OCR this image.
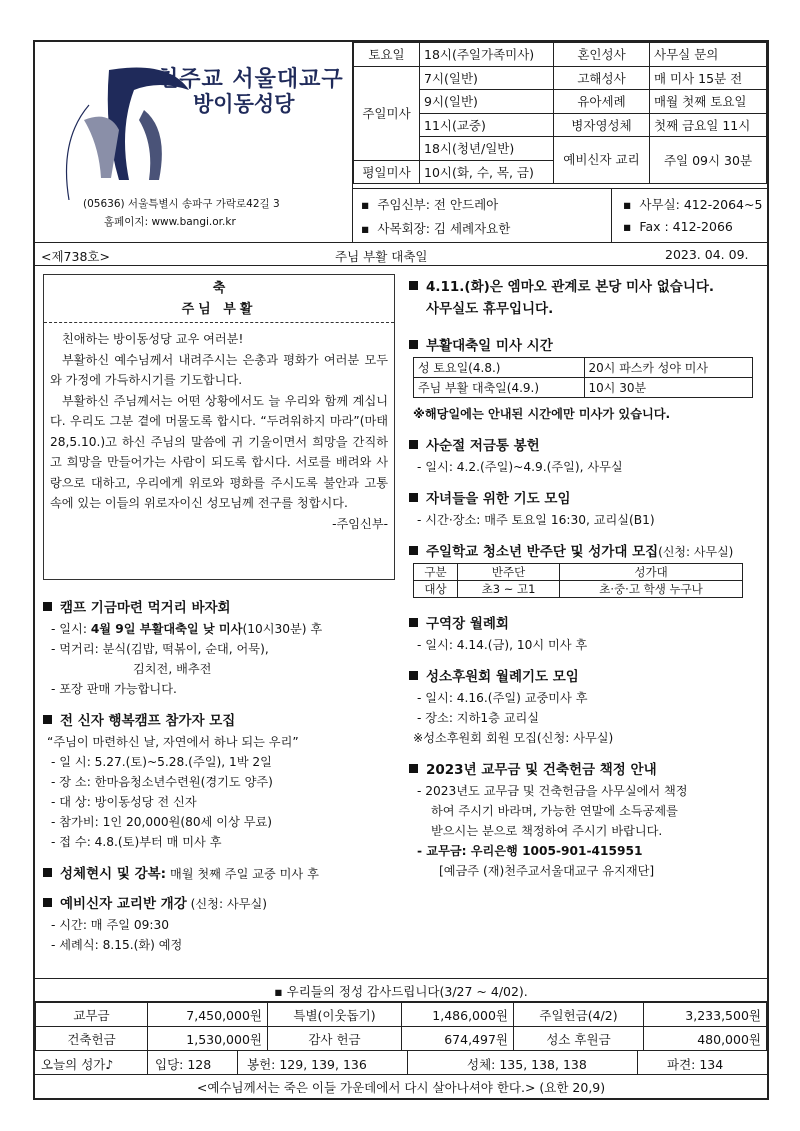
천주교 서울대교구
방이동성당
(05636) 서울특별시 송파구 가락로42길 3
홈페이지: www.bangi.or.kr
토요일	18시(주일가족미사)	혼인성사	사무실 문의
주일미사	7시(일반)	고해성사	매 미사 15분 전
	9시(일반)	유아세례	매월 첫째 토요일
	11시(교중)	병자영성체	첫째 금요일 11시
	18시(청년/일반)	예비신자 교리	주일 09시 30분
평일미사	10시(화, 수, 목, 금)		
▪  주임신부: 전 안드레아
▪  사목회장: 김 세례자요한
▪  사무실: 412-2064~5
▪  Fax : 412-2066
<제738호>	주님 부활 대축일	2023. 04. 09.
축
주님 부활

친애하는 방이동성당 교우 여러분!

부활하신 예수님께서 내려주시는 은총과 평화가 여러분 모두와 가정에 가득하시기를 기도합니다.

부활하신 주님께서는 어떤 상황에서도 늘 우리와 함께 계십니다. 우리도 그분 곁에 머물도록 합시다. “두려워하지 마라”(마태 28,5.10.)고 하신 주님의 말씀에 귀 기울이면서 희망을 간직하고 희망을 만들어가는 사람이 되도록 합시다. 서로를 배려와 사랑으로 대하고, 우리에게 위로와 평화를 주시도록 불안과 고통 속에 있는 이들의 위로자이신 성모님께 전구를 청합시다.

-주임신부-
캠프 기금마련 먹거리 바자회
- 일시: 4월 9일 부활대축일 낮 미사(10시30분) 후
- 먹거리: 분식(김밥, 떡볶이, 순대, 어묵),
김치전, 배추전
- 포장 판매 가능합니다.
전 신자 행복캠프 참가자 모집
“주님이 마련하신 날, 자연에서 하나 되는 우리”
- 일 시: 5.27.(토)~5.28.(주일), 1박 2일
- 장 소: 한마음청소년수련원(경기도 양주)
- 대 상: 방이동성당 전 신자
- 참가비: 1인 20,000원(80세 이상 무료)
- 접 수: 4.8.(토)부터 매 미사 후
성체현시 및 강복: 매월 첫째 주일 교중 미사 후
예비신자 교리반 개강 (신청: 사무실)
- 시간: 매 주일 09:30
- 세례식: 8.15.(화) 예정
4.11.(화)은 엠마오 관계로 본당 미사 없습니다.
사무실도 휴무입니다.
부활대축일 미사 시간
성 토요일(4.8.)	20시 파스카 성야 미사
주님 부활 대축일(4.9.)	10시 30분
※해당일에는 안내된 시간에만 미사가 있습니다.
사순절 저금통 봉헌
- 일시: 4.2.(주일)~4.9.(주일), 사무실
자녀들을 위한 기도 모임
- 시간·장소: 매주 토요일 16:30, 교리실(B1)
주일학교 청소년 반주단 및 성가대 모집(신청: 사무실)
구분	반주단	성가대
대상	초3 ~ 고1	초·중·고 학생 누구나
구역장 월례회
- 일시: 4.14.(금), 10시 미사 후
성소후원회 월례기도 모임
- 일시: 4.16.(주일) 교중미사 후
- 장소: 지하1층 교리실
※성소후원회 회원 모집(신청: 사무실)
2023년 교무금 및 건축헌금 책정 안내
- 2023년도 교무금 및 건축헌금을 사무실에서 책정
하여 주시기 바라며, 가능한 연말에 소득공제를
받으시는 분으로 책정하여 주시기 바랍니다.
- 교무금: 우리은행 1005-901-415951
[예금주 (재)천주교서울대교구 유지재단]
▪ 우리들의 정성 감사드립니다(3/27 ~ 4/02).
교무금	7,450,000원	특별(이웃돕기)	1,486,000원	주일헌금(4/2)	3,233,500원
건축헌금	1,530,000원	감사 헌금	674,497원	성소 후원금	480,000원
오늘의 성가♪	입당: 128	봉헌: 129, 139, 136	성체: 135, 138, 138	파견: 134
<예수님께서는 죽은 이들 가운데에서 다시 살아나셔야 한다.> (요한 20,9)
